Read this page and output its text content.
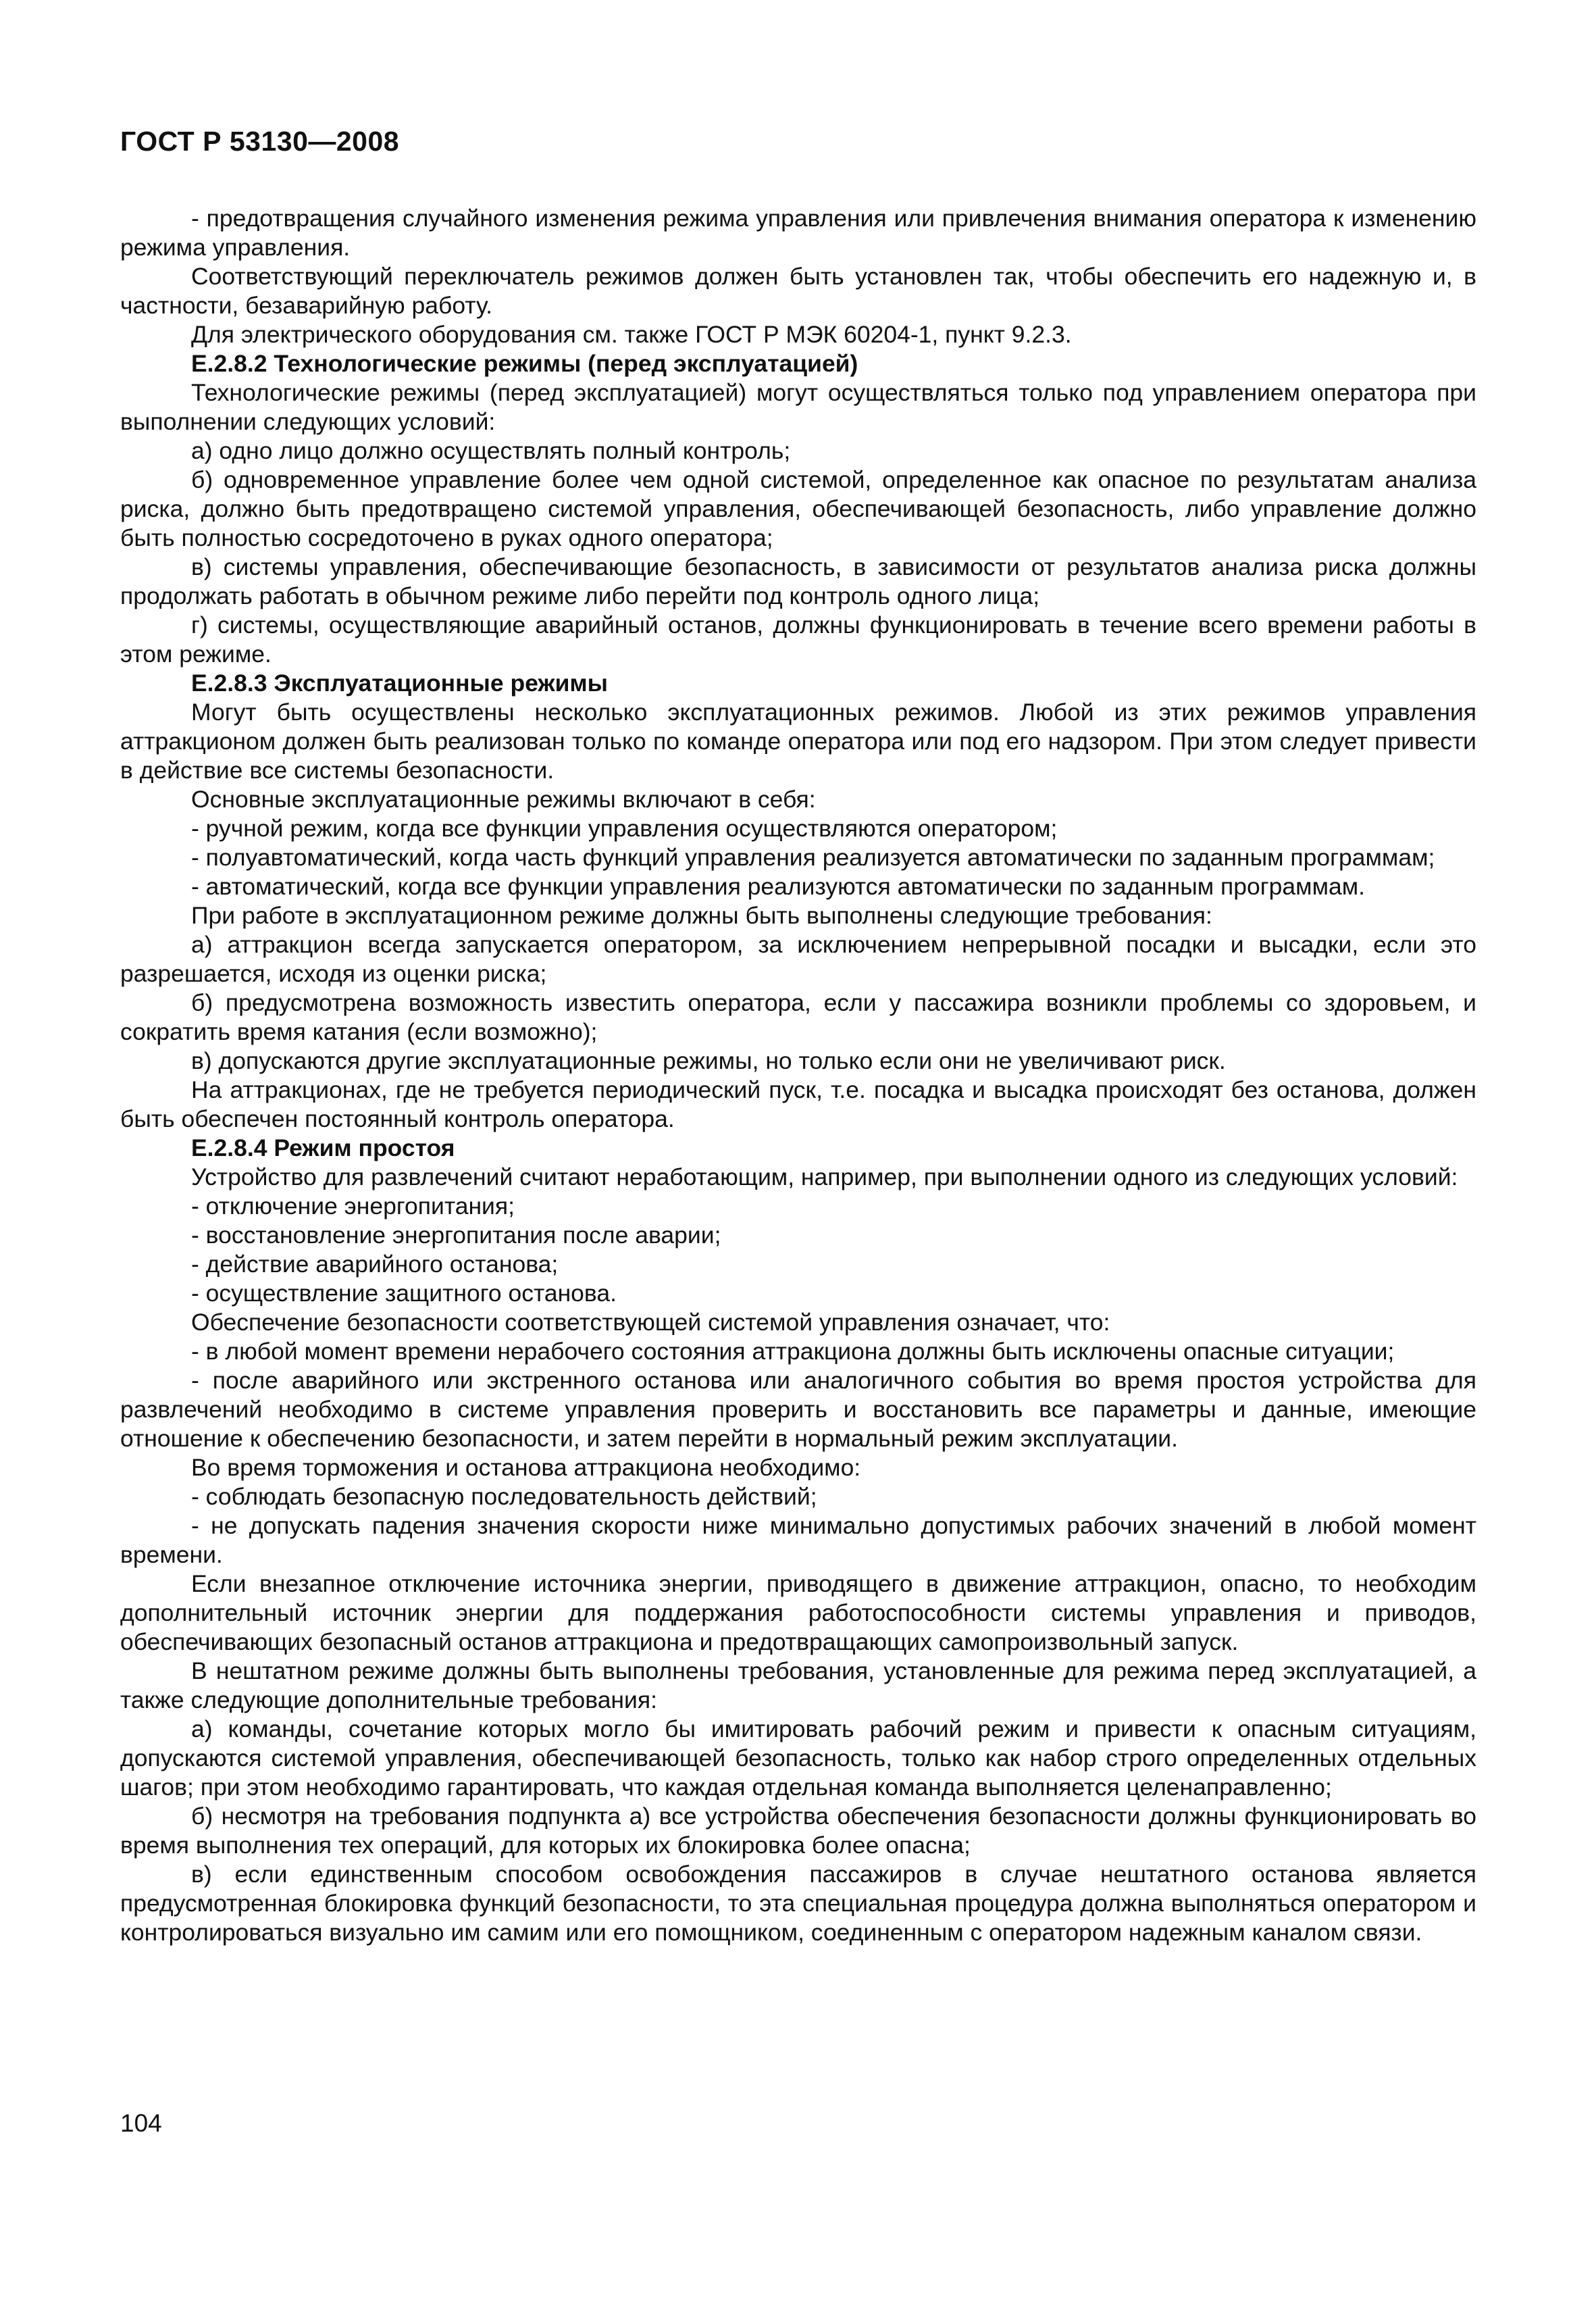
ГОСТ Р 53130—2008

- предотвращения случайного изменения режима управления или привлечения внимания оператора к изменению режима управления.

Соответствующий переключатель режимов должен быть установлен так, чтобы обеспечить его надежную и, в частности, безаварийную работу.

Для электрического оборудования см. также ГОСТ Р МЭК 60204-1, пункт 9.2.3.

Е.2.8.2 Технологические режимы (перед эксплуатацией)

Технологические режимы (перед эксплуатацией) могут осуществляться только под управлением оператора при выполнении следующих условий:

а) одно лицо должно осуществлять полный контроль;

б) одновременное управление более чем одной системой, определенное как опасное по результатам анализа риска, должно быть предотвращено системой управления, обеспечивающей безопасность, либо управление должно быть полностью сосредоточено в руках одного оператора;

в) системы управления, обеспечивающие безопасность, в зависимости от результатов анализа риска должны продолжать работать в обычном режиме либо перейти под контроль одного лица;

г) системы, осуществляющие аварийный останов, должны функционировать в течение всего времени работы в этом режиме.

Е.2.8.3 Эксплуатационные режимы

Могут быть осуществлены несколько эксплуатационных режимов. Любой из этих режимов управления аттракционом должен быть реализован только по команде оператора или под его надзором. При этом следует привести в действие все системы безопасности.

Основные эксплуатационные режимы включают в себя:

- ручной режим, когда все функции управления осуществляются оператором;

- полуавтоматический, когда часть функций управления реализуется автоматически по заданным программам;

- автоматический, когда все функции управления реализуются автоматически по заданным программам.

При работе в эксплуатационном режиме должны быть выполнены следующие требования:

а) аттракцион всегда запускается оператором, за исключением непрерывной посадки и высадки, если это разрешается, исходя из оценки риска;

б) предусмотрена возможность известить оператора, если у пассажира возникли проблемы со здоровьем, и сократить время катания (если возможно);

в) допускаются другие эксплуатационные режимы, но только если они не увеличивают риск.

На аттракционах, где не требуется периодический пуск, т.е. посадка и высадка происходят без останова, должен быть обеспечен постоянный контроль оператора.

Е.2.8.4 Режим простоя

Устройство для развлечений считают неработающим, например, при выполнении одного из следующих условий:

- отключение энергопитания;

- восстановление энергопитания после аварии;

- действие аварийного останова;

- осуществление защитного останова.

Обеспечение безопасности соответствующей системой управления означает, что:

- в любой момент времени нерабочего состояния аттракциона должны быть исключены опасные ситуации;

- после аварийного или экстренного останова или аналогичного события во время простоя устройства для развлечений необходимо в системе управления проверить и восстановить все параметры и данные, имеющие отношение к обеспечению безопасности, и затем перейти в нормальный режим эксплуатации.

Во время торможения и останова аттракциона необходимо:

- соблюдать безопасную последовательность действий;

- не допускать падения значения скорости ниже минимально допустимых рабочих значений в любой момент времени.

Если внезапное отключение источника энергии, приводящего в движение аттракцион, опасно, то необходим дополнительный источник энергии для поддержания работоспособности системы управления и приводов, обеспечивающих безопасный останов аттракциона и предотвращающих самопроизвольный запуск.

В нештатном режиме должны быть выполнены требования, установленные для режима перед эксплуатацией, а также следующие дополнительные требования:

а) команды, сочетание которых могло бы имитировать рабочий режим и привести к опасным ситуациям, допускаются системой управления, обеспечивающей безопасность, только как набор строго определенных отдельных шагов; при этом необходимо гарантировать, что каждая отдельная команда выполняется целенаправленно;

б) несмотря на требования подпункта а) все устройства обеспечения безопасности должны функционировать во время выполнения тех операций, для которых их блокировка более опасна;

в) если единственным способом освобождения пассажиров в случае нештатного останова является предусмотренная блокировка функций безопасности, то эта специальная процедура должна выполняться оператором и контролироваться визуально им самим или его помощником, соединенным с оператором надежным каналом связи.

104
